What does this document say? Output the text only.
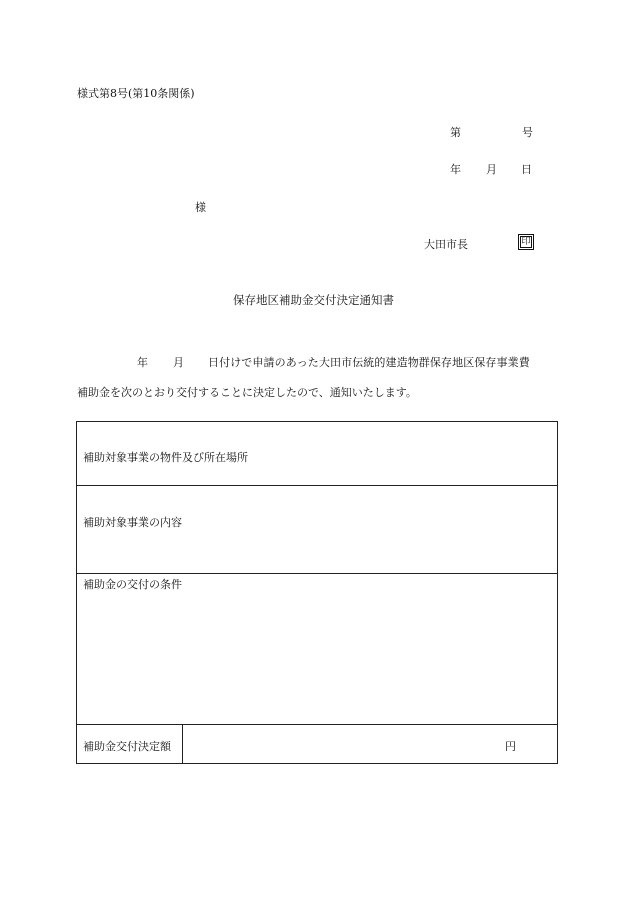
様式第8号(第10条関係)
第	号
年 月 日
様
大田市長	印
保存地区補助金交付決定通知書
年 月 日付けで申請のあった大田市伝統的建造物群保存地区保存事業費
補助金を次のとおり交付することに決定したので、通知いたします。
補助対象事業の物件及び所在場所

補助対象事業の内容

補助金の交付の条件

補助金交付決定額	円
